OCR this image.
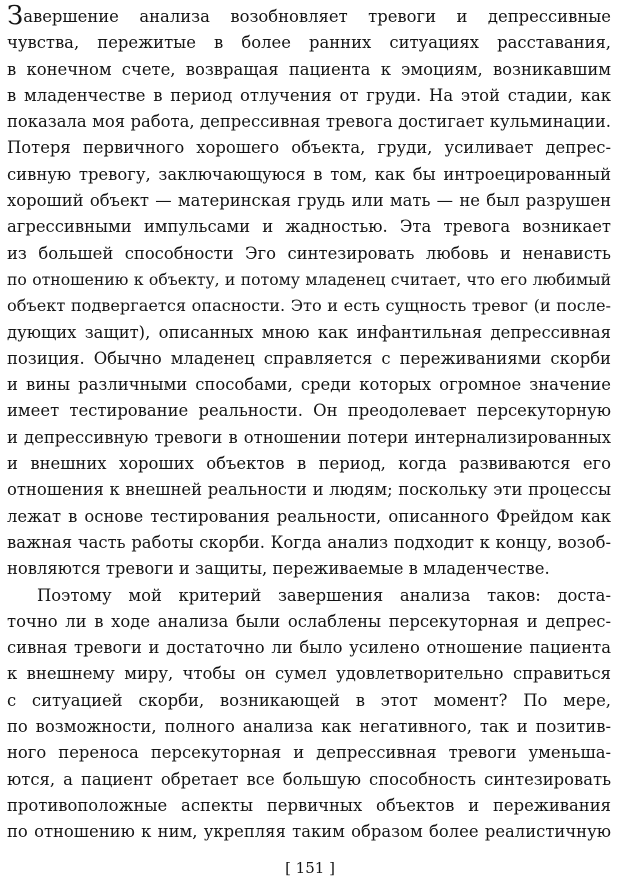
Завершение анализа возобновляет тревоги и депрессивные
чувства, пережитые в более ранних ситуациях расставания,
в конечном счете, возвращая пациента к эмоциям, возникавшим
в младенчестве в период отлучения от груди. На этой стадии, как
показала моя работа, депрессивная тревога достигает кульминации.
Потеря первичного хорошего объекта, груди, усиливает депрес-
сивную тревогу, заключающуюся в том, как бы интроецированный
хороший объект — материнская грудь или мать — не был разрушен
агрессивными импульсами и жадностью. Эта тревога возникает
из большей способности Эго синтезировать любовь и ненависть
по отношению к объекту, и потому младенец считает, что его любимый
объект подвергается опасности. Это и есть сущность тревог (и после-
дующих защит), описанных мною как инфантильная депрессивная
позиция. Обычно младенец справляется с переживаниями скорби
и вины различными способами, среди которых огромное значение
имеет тестирование реальности. Он преодолевает персекуторную
и депрессивную тревоги в отношении потери интернализированных
и внешних хороших объектов в период, когда развиваются его
отношения к внешней реальности и людям; поскольку эти процессы
лежат в основе тестирования реальности, описанного Фрейдом как
важная часть работы скорби. Когда анализ подходит к концу, возоб-
новляются тревоги и защиты, переживаемые в младенчестве.
Поэтому мой критерий завершения анализа таков: доста-
точно ли в ходе анализа были ослаблены персекуторная и депрес-
сивная тревоги и достаточно ли было усилено отношение пациента
к внешнему миру, чтобы он сумел удовлетворительно справиться
с ситуацией скорби, возникающей в этот момент? По мере,
по возможности, полного анализа как негативного, так и позитив-
ного переноса персекуторная и депрессивная тревоги уменьша-
ются, а пациент обретает все большую способность синтезировать
противоположные аспекты первичных объектов и переживания
по отношению к ним, укрепляя таким образом более реалистичную
[ 151 ]
